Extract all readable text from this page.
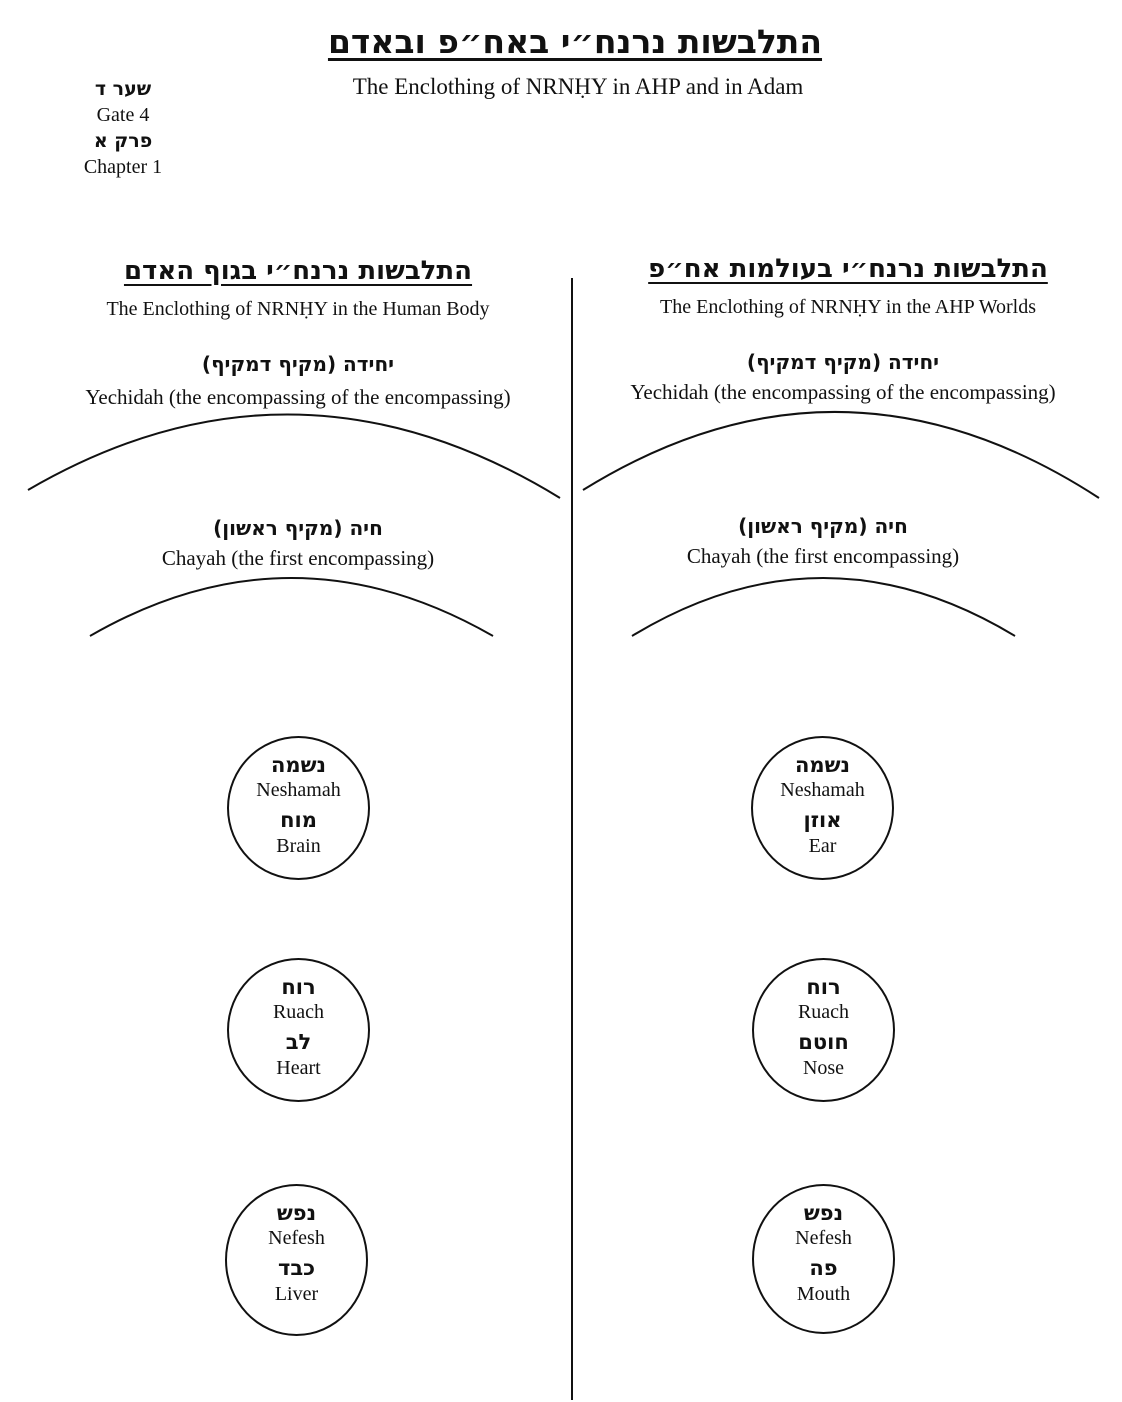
התלבשות נרנח״י באח״פ ובאדם
The Enclothing of NRNḤY in AHP and in Adam
שער ד
Gate 4
פרק א
Chapter 1
התלבשות נרנח״י בגוף האדם
The Enclothing of NRNḤY in the Human Body
יחידה (מקיף דמקיף)
Yechidah (the encompassing of the encompassing)
חיה (מקיף ראשון)
Chayah (the first encompassing)
נשמה
Neshamah
מוח
Brain
רוח
Ruach
לב
Heart
נפש
Nefesh
כבד
Liver
התלבשות נרנח״י בעולמות אח״פ
The Enclothing of NRNḤY in the AHP Worlds
יחידה (מקיף דמקיף)
Yechidah (the encompassing of the encompassing)
חיה (מקיף ראשון)
Chayah (the first encompassing)
נשמה
Neshamah
אוזן
Ear
רוח
Ruach
חוטם
Nose
נפש
Nefesh
פה
Mouth
